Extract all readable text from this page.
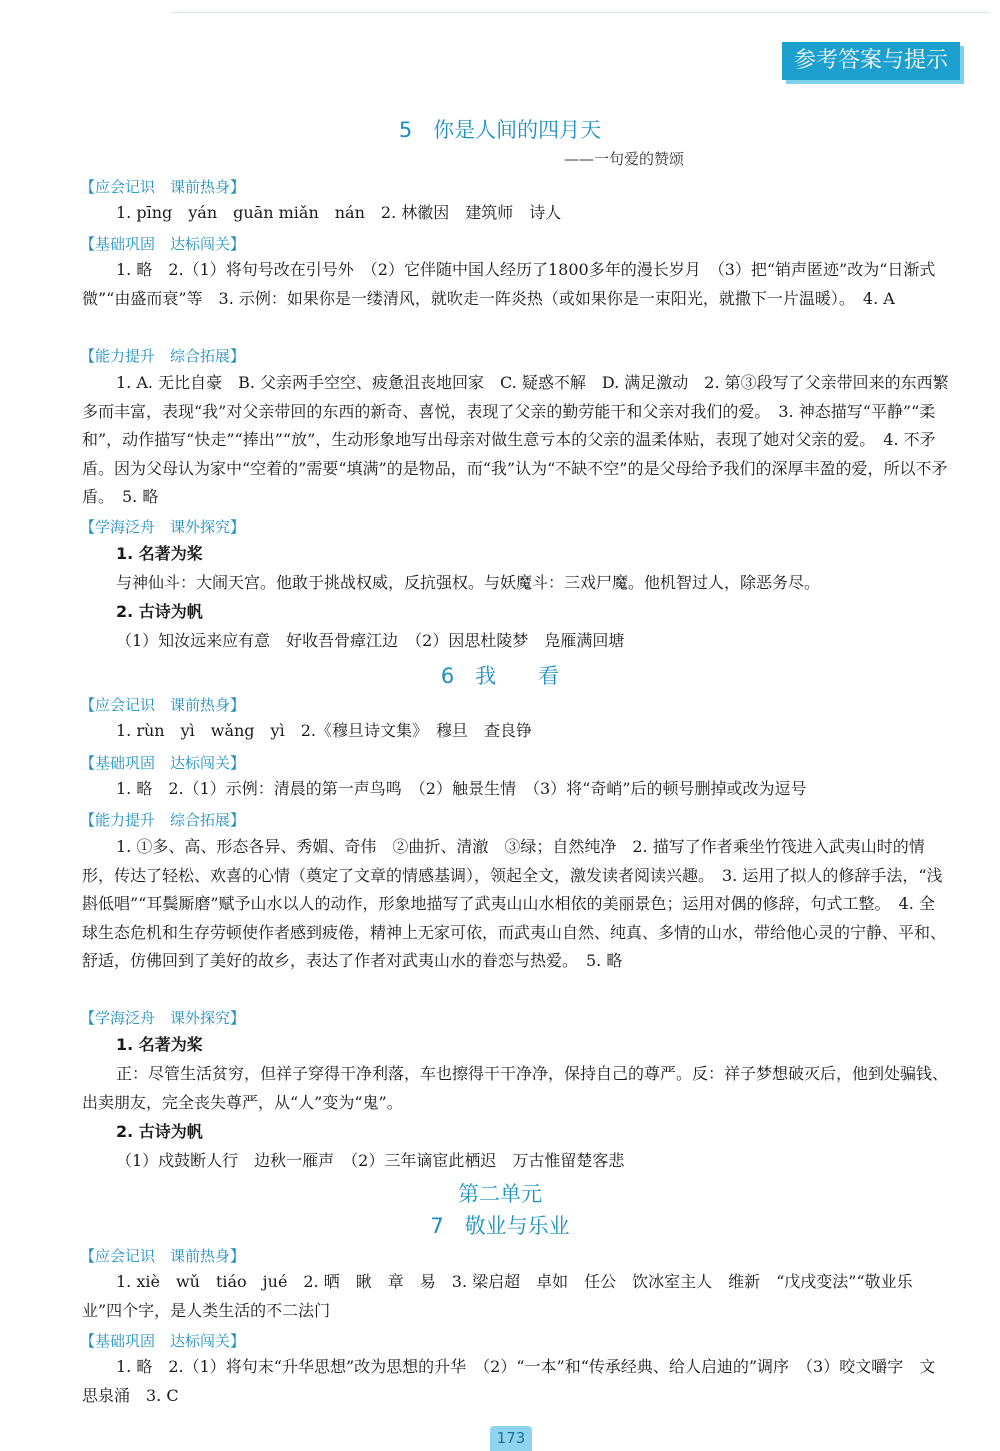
参考答案与提示
5　你是人间的四月天
——一句爱的赞颂
【应会记识　课前热身】
1. pīng　yán　guān miǎn　nán　2. 林徽因　建筑师　诗人
【基础巩固　达标闯关】
1. 略　2.（1）将句号改在引号外　（2）它伴随中国人经历了1800多年的漫长岁月　（3）把“销声匿迹”改为“日渐式微”“由盛而衰”等　3. 示例：如果你是一缕清风，就吹走一阵炎热（或如果你是一束阳光，就撒下一片温暖）。　4. A
【能力提升　综合拓展】
1. A. 无比自豪　B. 父亲两手空空、疲惫沮丧地回家　C. 疑惑不解　D. 满足激动　2. 第③段写了父亲带回来的东西繁多而丰富，表现“我”对父亲带回的东西的新奇、喜悦，表现了父亲的勤劳能干和父亲对我们的爱。　3. 神态描写“平静”“柔和”，动作描写“快走”“捧出”“放”，生动形象地写出母亲对做生意亏本的父亲的温柔体贴，表现了她对父亲的爱。　4. 不矛盾。因为父母认为家中“空着的”需要“填满”的是物品，而“我”认为“不缺不空”的是父母给予我们的深厚丰盈的爱，所以不矛盾。　5. 略
【学海泛舟　课外探究】
1. 名著为桨
与神仙斗：大闹天宫。他敢于挑战权威，反抗强权。与妖魔斗：三戏尸魔。他机智过人，除恶务尽。
2. 古诗为帆
（1）知汝远来应有意　好收吾骨瘴江边　（2）因思杜陵梦　凫雁满回塘
6　我　　看
【应会记识　课前热身】
1. rùn　yì　wǎng　yì　2.《穆旦诗文集》　穆旦　查良铮
【基础巩固　达标闯关】
1. 略　2.（1）示例：清晨的第一声鸟鸣　（2）触景生情　（3）将“奇峭”后的顿号删掉或改为逗号
【能力提升　综合拓展】
1. ①多、高、形态各异、秀媚、奇伟　②曲折、清澈　③绿；自然纯净　2. 描写了作者乘坐竹筏进入武夷山时的情形，传达了轻松、欢喜的心情（奠定了文章的情感基调），领起全文，激发读者阅读兴趣。　3. 运用了拟人的修辞手法，“浅斟低唱”“耳鬓厮磨”赋予山水以人的动作，形象地描写了武夷山山水相依的美丽景色；运用对偶的修辞，句式工整。　4. 全球生态危机和生存劳顿使作者感到疲倦，精神上无家可依，而武夷山自然、纯真、多情的山水，带给他心灵的宁静、平和、舒适，仿佛回到了美好的故乡，表达了作者对武夷山水的眷恋与热爱。　5. 略
【学海泛舟　课外探究】
1. 名著为桨
正：尽管生活贫穷，但祥子穿得干净利落，车也擦得干干净净，保持自己的尊严。反：祥子梦想破灭后，他到处骗钱、出卖朋友，完全丧失尊严，从“人”变为“鬼”。
2. 古诗为帆
（1）戍鼓断人行　边秋一雁声　（2）三年谪宦此栖迟　万古惟留楚客悲
第二单元
7　敬业与乐业
【应会记识　课前热身】
1. xiè　wǔ　tiáo　jué　2. 晒　瞅　章　易　3. 梁启超　卓如　任公　饮冰室主人　维新　“戊戌变法”“敬业乐业”四个字，是人类生活的不二法门
【基础巩固　达标闯关】
1. 略　2.（1）将句末“升华思想”改为思想的升华　（2）“一本”和“传承经典、给人启迪的”调序　（3）咬文嚼字　文思泉涌　3. C
173
